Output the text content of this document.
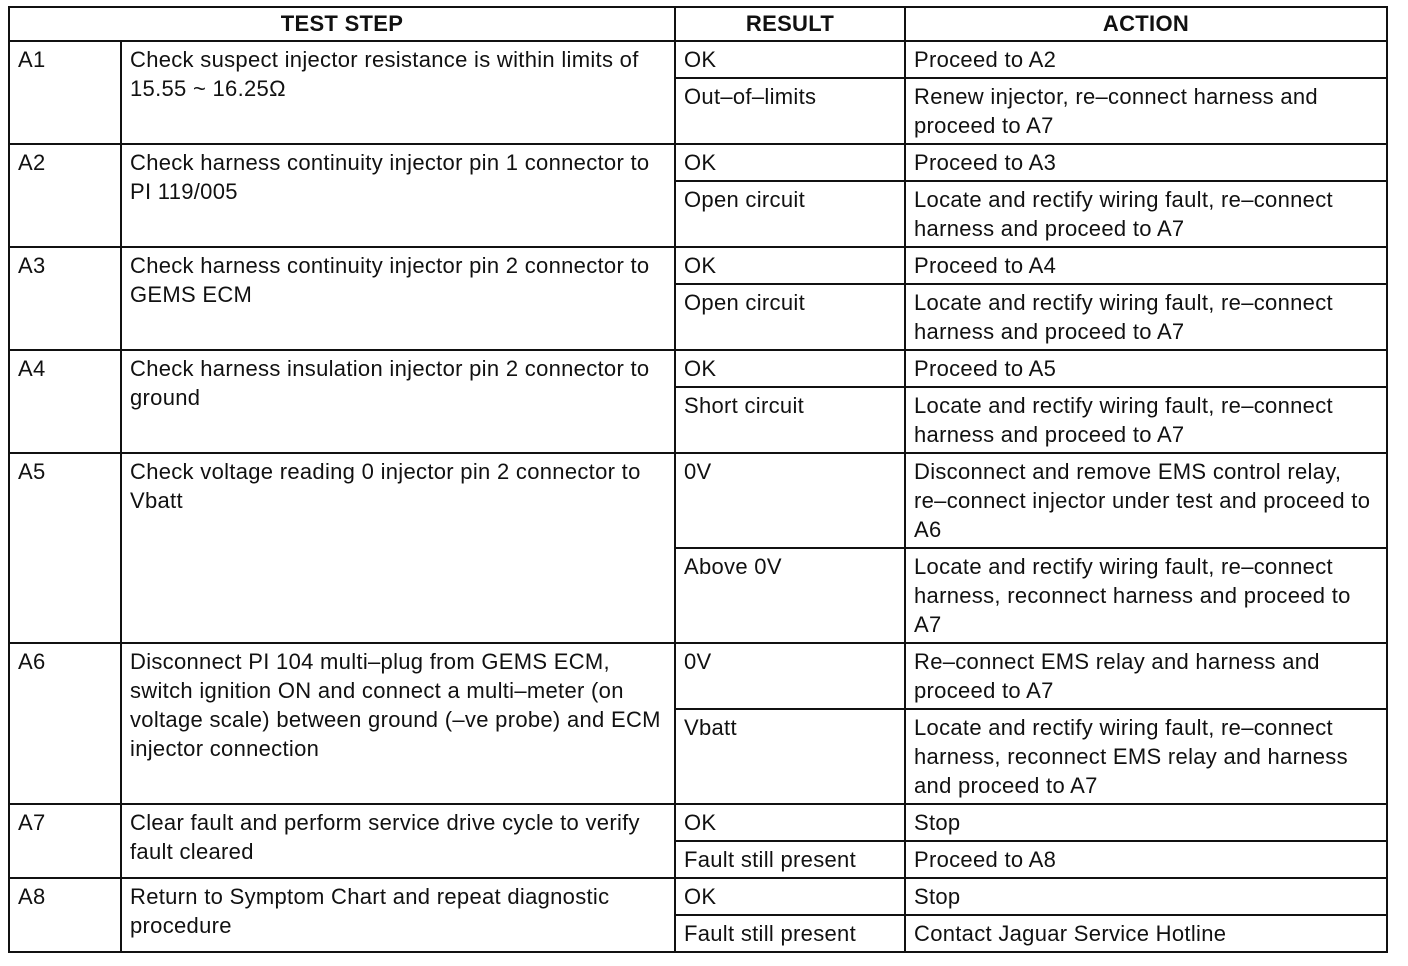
TEST STEP		RESULT	ACTION
A1	Check suspect injector resistance is within limits of 15.55 ~ 16.25Ω	OK	Proceed to A2
		Out–of–limits	Renew injector, re–connect harness and proceed to A7
A2	Check harness continuity injector pin 1 connector to PI 119/005	OK	Proceed to A3
		Open circuit	Locate and rectify wiring fault, re–connect harness and proceed to A7
A3	Check harness continuity injector pin 2 connector to GEMS ECM	OK	Proceed to A4
		Open circuit	Locate and rectify wiring fault, re–connect harness and proceed to A7
A4	Check harness insulation injector pin 2 connector to ground	OK	Proceed to A5
		Short circuit	Locate and rectify wiring fault, re–connect harness and proceed to A7
A5	Check voltage reading 0 injector pin 2 connector to Vbatt	0V	Disconnect and remove EMS control relay, re–connect injector under test and proceed to A6
		Above 0V	Locate and rectify wiring fault, re–connect harness, reconnect harness and proceed to A7
A6	Disconnect PI 104 multi–plug from GEMS ECM, switch ignition ON and connect a multi–meter (on voltage scale) between ground (–ve probe) and ECM injector connection	0V	Re–connect EMS relay and harness and proceed to A7
		Vbatt	Locate and rectify wiring fault, re–connect harness, reconnect EMS relay and harness and proceed to A7
A7	Clear fault and perform service drive cycle to verify fault cleared	OK	Stop
		Fault still present	Proceed to A8
A8	Return to Symptom Chart and repeat diagnostic procedure	OK	Stop
		Fault still present	Contact Jaguar Service Hotline
